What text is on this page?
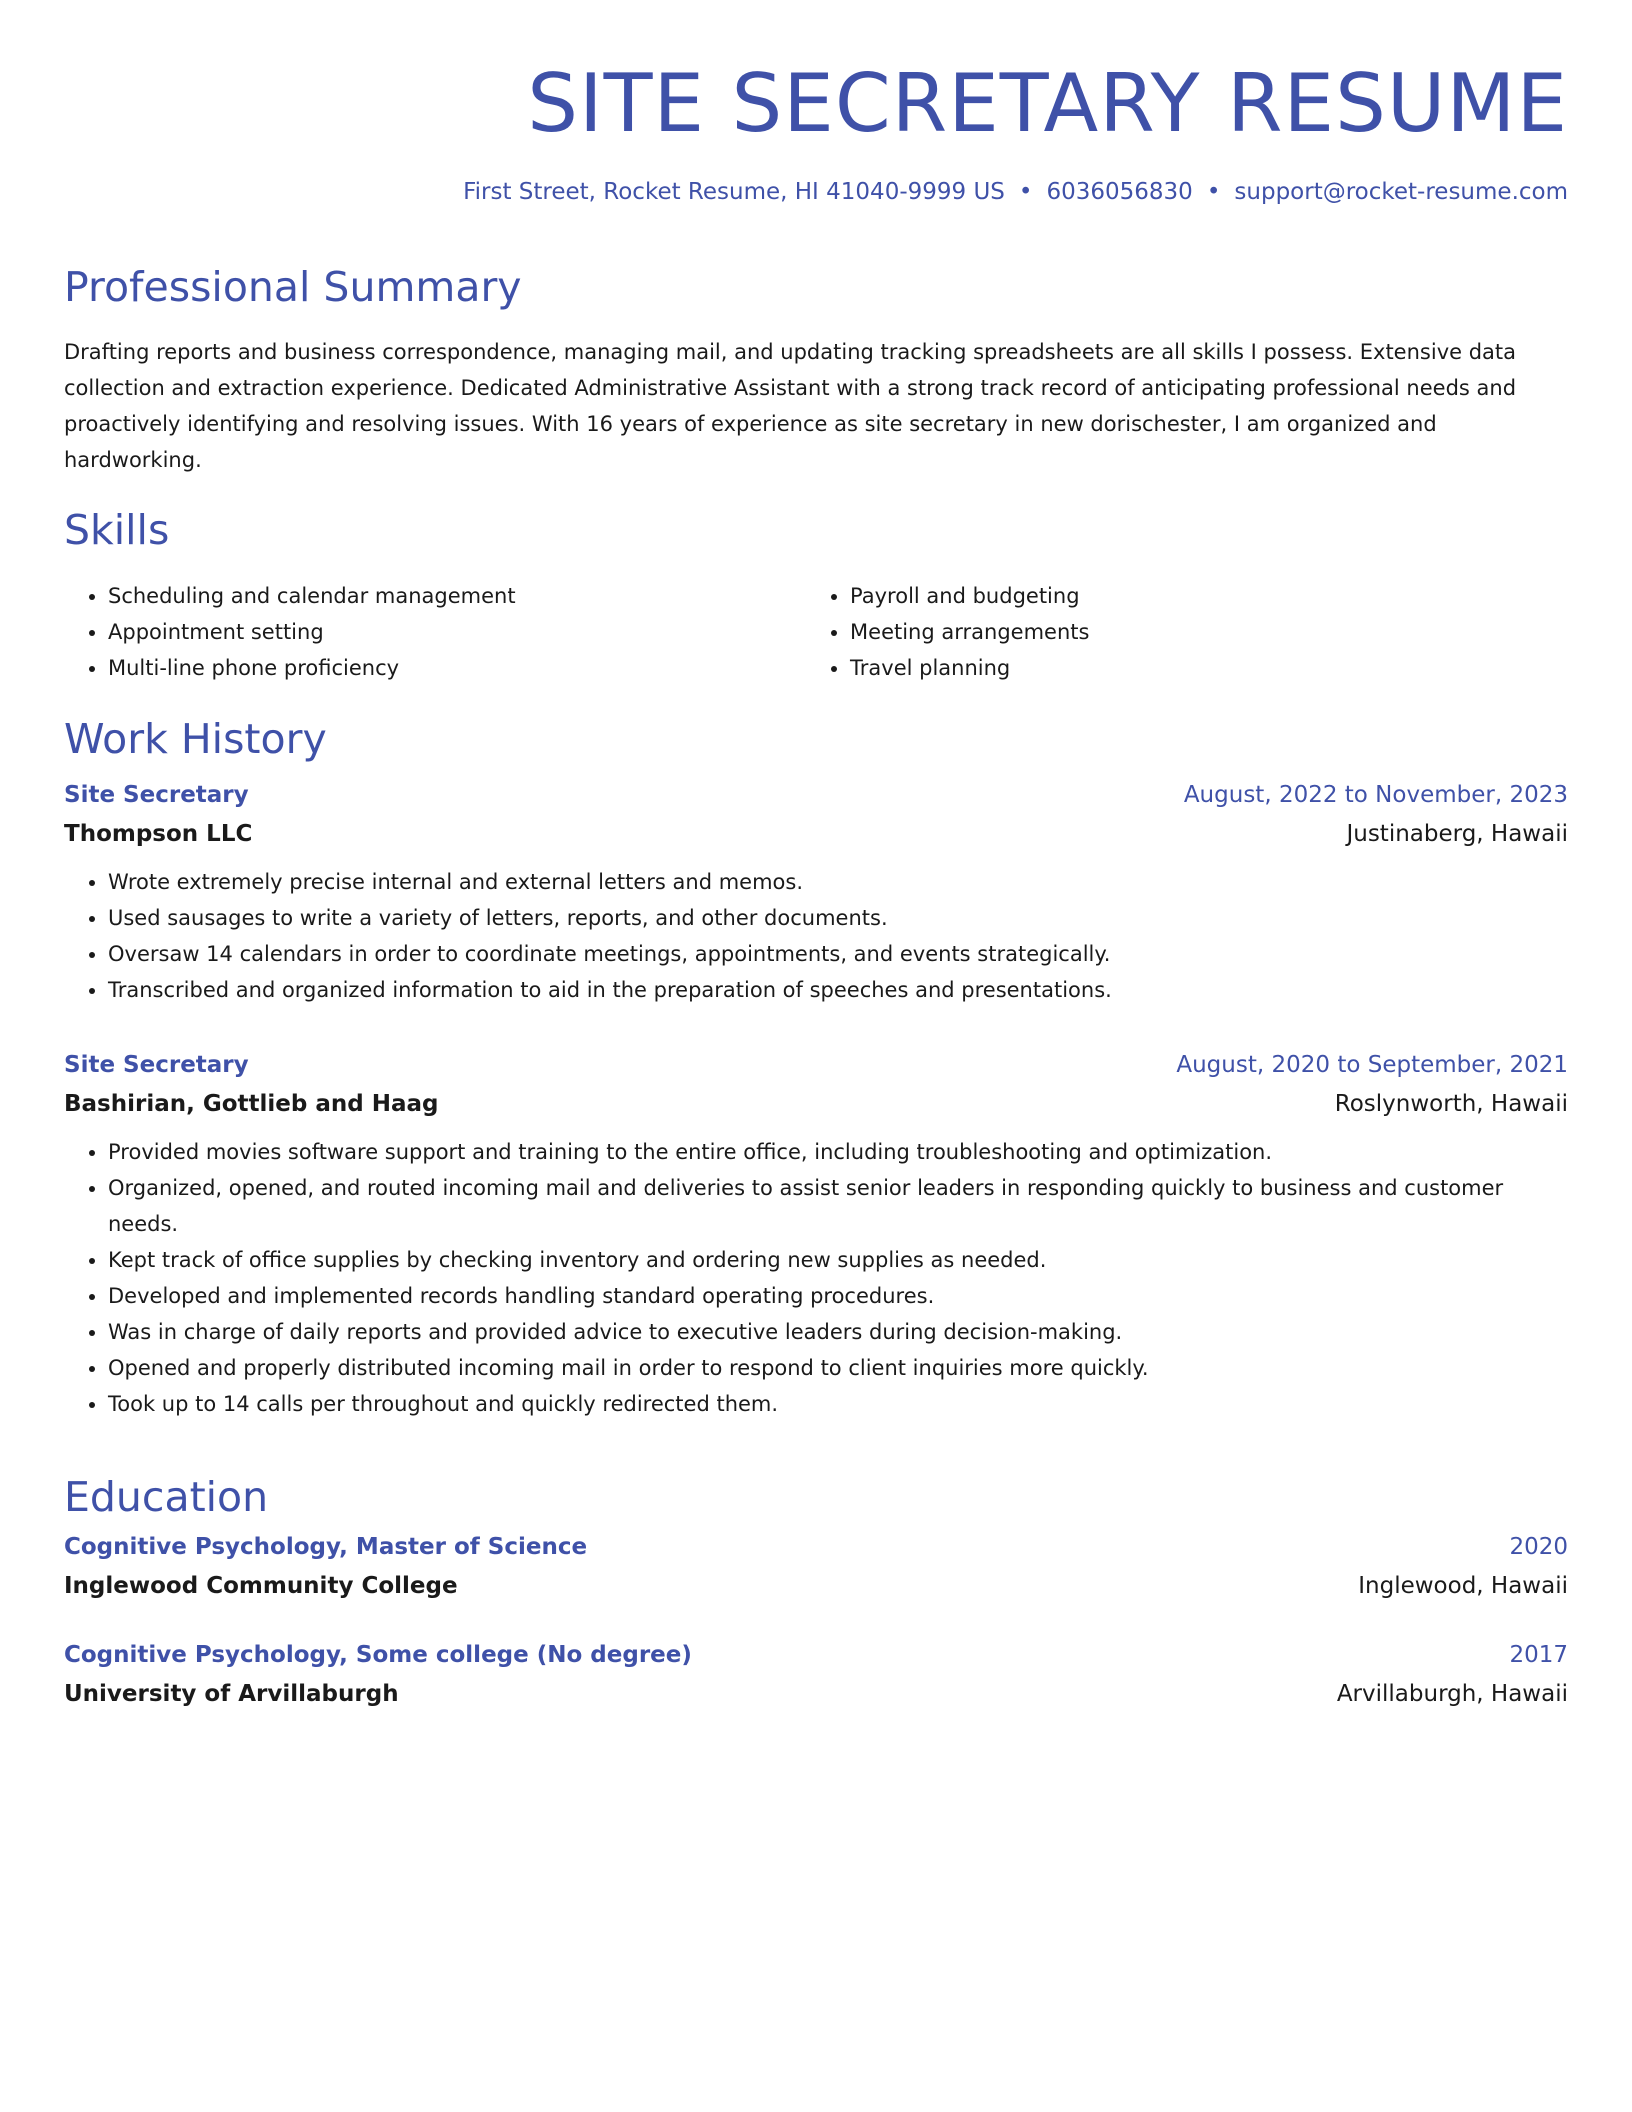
SITE SECRETARY RESUME
First Street, Rocket Resume, HI 41040-9999 US • 6036056830 • support@rocket-resume.com
Professional Summary

Drafting reports and business correspondence, managing mail, and updating tracking spreadsheets are all skills I possess. Extensive data collection and extraction experience. Dedicated Administrative Assistant with a strong track record of anticipating professional needs and proactively identifying and resolving issues. With 16 years of experience as site secretary in new dorischester, I am organized and hardworking.

Skills
• Scheduling and calendar management
• Appointment setting
• Multi-line phone proficiency
• Payroll and budgeting
• Meeting arrangements
• Travel planning
Work History
Site Secretary	August, 2022 to November, 2023
Thompson LLC	Justinaberg, Hawaii
• Wrote extremely precise internal and external letters and memos.
• Used sausages to write a variety of letters, reports, and other documents.
• Oversaw 14 calendars in order to coordinate meetings, appointments, and events strategically.
• Transcribed and organized information to aid in the preparation of speeches and presentations.
Site Secretary	August, 2020 to September, 2021
Bashirian, Gottlieb and Haag	Roslynworth, Hawaii
• Provided movies software support and training to the entire office, including troubleshooting and optimization.
• Organized, opened, and routed incoming mail and deliveries to assist senior leaders in responding quickly to business and customer needs.
• Kept track of office supplies by checking inventory and ordering new supplies as needed.
• Developed and implemented records handling standard operating procedures.
• Was in charge of daily reports and provided advice to executive leaders during decision-making.
• Opened and properly distributed incoming mail in order to respond to client inquiries more quickly.
• Took up to 14 calls per throughout and quickly redirected them.
Education
Cognitive Psychology, Master of Science	2020
Inglewood Community College	Inglewood, Hawaii
Cognitive Psychology, Some college (No degree)	2017
University of Arvillaburgh	Arvillaburgh, Hawaii
